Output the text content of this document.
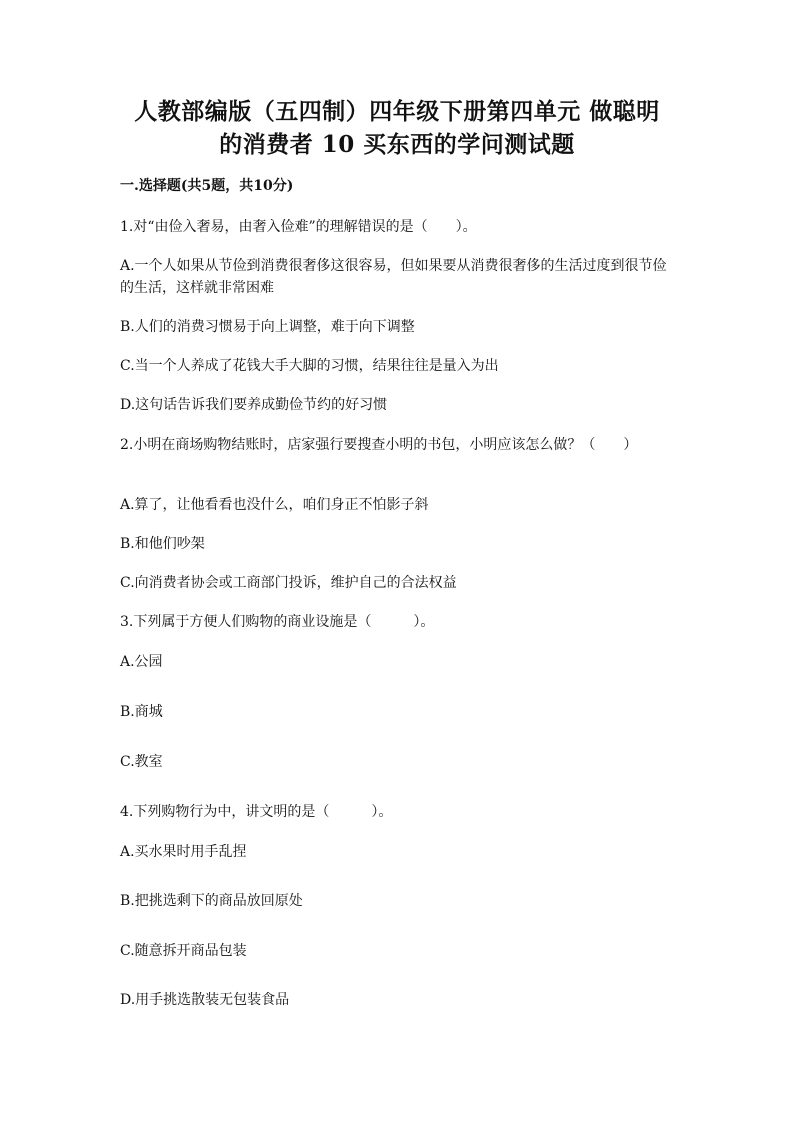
人教部编版（五四制）四年级下册第四单元 做聪明
的消费者 10 买东西的学问测试题
一.选择题(共5题，共10分)
1.对“由俭入奢易，由奢入俭难”的理解错误的是（　　）。
A.一个人如果从节俭到消费很奢侈这很容易，但如果要从消费很奢侈的生活过度到很节俭的生活，这样就非常困难
B.人们的消费习惯易于向上调整，难于向下调整
C.当一个人养成了花钱大手大脚的习惯，结果往往是量入为出
D.这句话告诉我们要养成勤俭节约的好习惯
2.小明在商场购物结账时，店家强行要搜查小明的书包，小明应该怎么做？（　　）
A.算了，让他看看也没什么，咱们身正不怕影子斜
B.和他们吵架
C.向消费者协会或工商部门投诉，维护自己的合法权益
3.下列属于方便人们购物的商业设施是（　　　）。
A.公园
B.商城
C.教室
4.下列购物行为中，讲文明的是（　　　）。
A.买水果时用手乱捏
B.把挑选剩下的商品放回原处
C.随意拆开商品包装
D.用手挑选散装无包装食品
